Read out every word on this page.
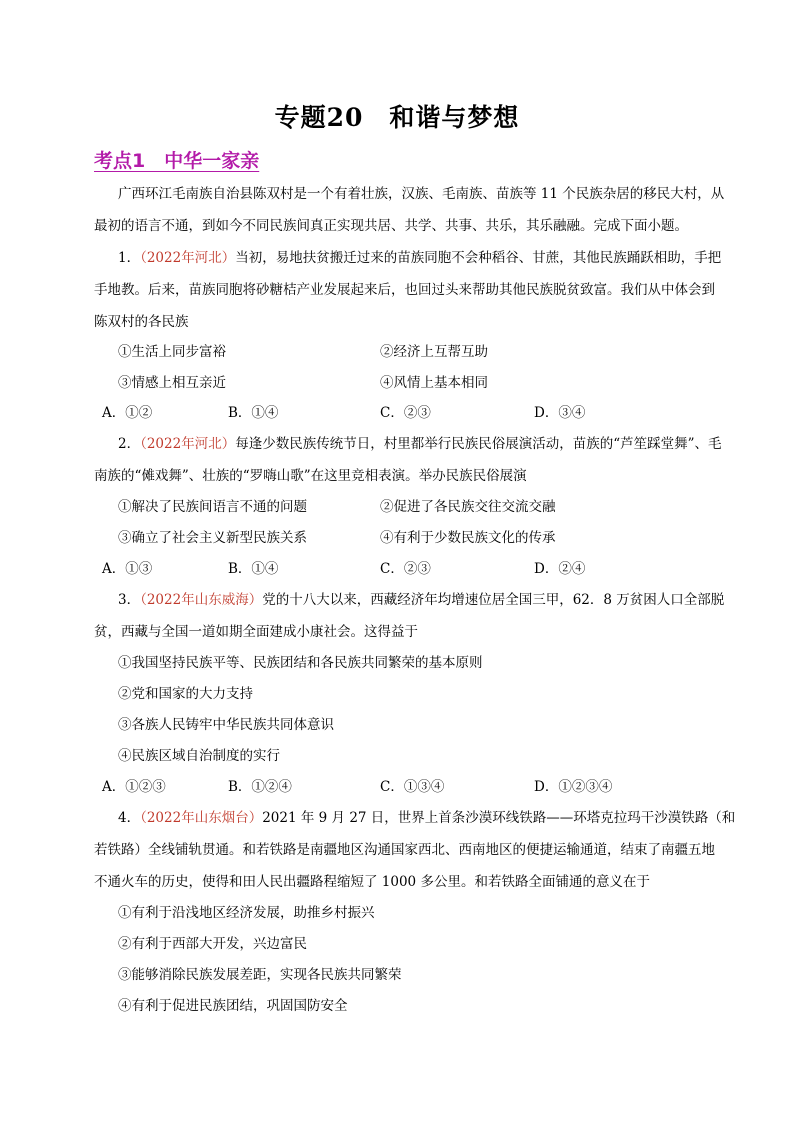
专题20　和谐与梦想
考点1　中华一家亲
广西环江毛南族自治县陈双村是一个有着壮族，汉族、毛南族、苗族等 11 个民族杂居的移民大村，从
最初的语言不通，到如今不同民族间真正实现共居、共学、共事、共乐，其乐融融。完成下面小题。
1．（2022年河北）当初，易地扶贫搬迁过来的苗族同胞不会种稻谷、甘蔗，其他民族踊跃相助，手把
手地教。后来，苗族同胞将砂糖桔产业发展起来后，也回过头来帮助其他民族脱贫致富。我们从中体会到
陈双村的各民族
①生活上同步富裕	②经济上互帮互助
③情感上相互亲近	④风情上基本相同
A．①②	B．①④	C．②③	D．③④
2．（2022年河北）每逢少数民族传统节日，村里都举行民族民俗展演活动，苗族的“芦笙踩堂舞”、毛
南族的“傩戏舞”、壮族的“罗嗨山歌”在这里竞相表演。举办民族民俗展演
①解决了民族间语言不通的问题	②促进了各民族交往交流交融
③确立了社会主义新型民族关系	④有利于少数民族文化的传承
A．①③	B．①④	C．②③	D．②④
3．（2022年山东威海）党的十八大以来，西藏经济年均增速位居全国三甲，62．8 万贫困人口全部脱
贫，西藏与全国一道如期全面建成小康社会。这得益于
①我国坚持民族平等、民族团结和各民族共同繁荣的基本原则
②党和国家的大力支持
③各族人民铸牢中华民族共同体意识
④民族区域自治制度的实行
A．①②③	B．①②④	C．①③④	D．①②③④
4．（2022年山东烟台）2021 年 9 月 27 日，世界上首条沙漠环线铁路——环塔克拉玛干沙漠铁路（和
若铁路）全线铺轨贯通。和若铁路是南疆地区沟通国家西北、西南地区的便捷运输通道，结束了南疆五地
不通火车的历史，使得和田人民出疆路程缩短了 1000 多公里。和若铁路全面铺通的意义在于
①有利于沿浅地区经济发展，助推乡村振兴
②有利于西部大开发，兴边富民
③能够消除民族发展差距，实现各民族共同繁荣
④有利于促进民族团结，巩固国防安全
